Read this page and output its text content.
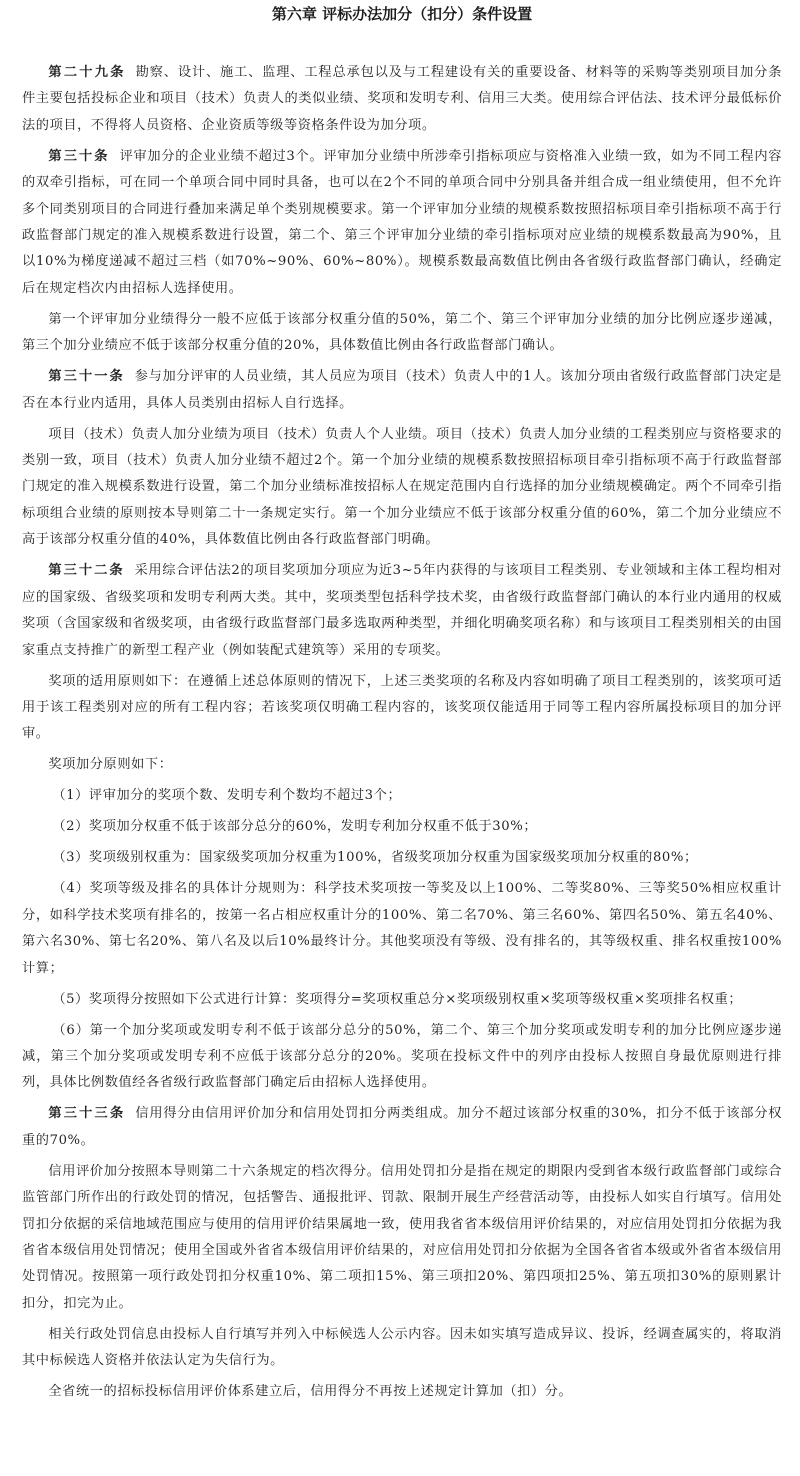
第六章 评标办法加分（扣分）条件设置

第二十九条 勘察、设计、施工、监理、工程总承包以及与工程建设有关的重要设备、材料等的采购等类别项目加分条件主要包括投标企业和项目（技术）负责人的类似业绩、奖项和发明专利、信用三大类。使用综合评估法、技术评分最低标价法的项目，不得将人员资格、企业资质等级等资格条件设为加分项。

第三十条 评审加分的企业业绩不超过3个。评审加分业绩中所涉牵引指标项应与资格准入业绩一致，如为不同工程内容的双牵引指标，可在同一个单项合同中同时具备，也可以在2个不同的单项合同中分别具备并组合成一组业绩使用，但不允许多个同类别项目的合同进行叠加来满足单个类别规模要求。第一个评审加分业绩的规模系数按照招标项目牵引指标项不高于行政监督部门规定的准入规模系数进行设置，第二个、第三个评审加分业绩的牵引指标项对应业绩的规模系数最高为90%，且以10%为梯度递减不超过三档（如70%~90%、60%~80%）。规模系数最高数值比例由各省级行政监督部门确认，经确定后在规定档次内由招标人选择使用。

第一个评审加分业绩得分一般不应低于该部分权重分值的50%，第二个、第三个评审加分业绩的加分比例应逐步递减，第三个加分业绩应不低于该部分权重分值的20%，具体数值比例由各行政监督部门确认。

第三十一条 参与加分评审的人员业绩，其人员应为项目（技术）负责人中的1人。该加分项由省级行政监督部门决定是否在本行业内适用，具体人员类别由招标人自行选择。

项目（技术）负责人加分业绩为项目（技术）负责人个人业绩。项目（技术）负责人加分业绩的工程类别应与资格要求的类别一致，项目（技术）负责人加分业绩不超过2个。第一个加分业绩的规模系数按照招标项目牵引指标项不高于行政监督部门规定的准入规模系数进行设置，第二个加分业绩标准按招标人在规定范围内自行选择的加分业绩规模确定。两个不同牵引指标项组合业绩的原则按本导则第二十一条规定实行。第一个加分业绩应不低于该部分权重分值的60%，第二个加分业绩应不高于该部分权重分值的40%，具体数值比例由各行政监督部门明确。

第三十二条 采用综合评估法2的项目奖项加分项应为近3~5年内获得的与该项目工程类别、专业领域和主体工程均相对应的国家级、省级奖项和发明专利两大类。其中，奖项类型包括科学技术奖，由省级行政监督部门确认的本行业内通用的权威奖项（含国家级和省级奖项，由省级行政监督部门最多选取两种类型，并细化明确奖项名称）和与该项目工程类别相关的由国家重点支持推广的新型工程产业（例如装配式建筑等）采用的专项奖。

奖项的适用原则如下：在遵循上述总体原则的情况下，上述三类奖项的名称及内容如明确了项目工程类别的，该奖项可适用于该工程类别对应的所有工程内容；若该奖项仅明确工程内容的，该奖项仅能适用于同等工程内容所属投标项目的加分评审。

奖项加分原则如下：

（1）评审加分的奖项个数、发明专利个数均不超过3个；

（2）奖项加分权重不低于该部分总分的60%，发明专利加分权重不低于30%；

（3）奖项级别权重为：国家级奖项加分权重为100%，省级奖项加分权重为国家级奖项加分权重的80%；

（4）奖项等级及排名的具体计分规则为：科学技术奖项按一等奖及以上100%、二等奖80%、三等奖50%相应权重计分，如科学技术奖项有排名的，按第一名占相应权重计分的100%、第二名70%、第三名60%、第四名50%、第五名40%、第六名30%、第七名20%、第八名及以后10%最终计分。其他奖项没有等级、没有排名的，其等级权重、排名权重按100%计算；

（5）奖项得分按照如下公式进行计算：奖项得分=奖项权重总分×奖项级别权重×奖项等级权重×奖项排名权重；

（6）第一个加分奖项或发明专利不低于该部分总分的50%，第二个、第三个加分奖项或发明专利的加分比例应逐步递减，第三个加分奖项或发明专利不应低于该部分总分的20%。奖项在投标文件中的列序由投标人按照自身最优原则进行排列，具体比例数值经各省级行政监督部门确定后由招标人选择使用。

第三十三条 信用得分由信用评价加分和信用处罚扣分两类组成。加分不超过该部分权重的30%，扣分不低于该部分权重的70%。

信用评价加分按照本导则第二十六条规定的档次得分。信用处罚扣分是指在规定的期限内受到省本级行政监督部门或综合监管部门所作出的行政处罚的情况，包括警告、通报批评、罚款、限制开展生产经营活动等，由投标人如实自行填写。信用处罚扣分依据的采信地域范围应与使用的信用评价结果属地一致，使用我省省本级信用评价结果的，对应信用处罚扣分依据为我省省本级信用处罚情况；使用全国或外省省本级信用评价结果的，对应信用处罚扣分依据为全国各省省本级或外省省本级信用处罚情况。按照第一项行政处罚扣分权重10%、第二项扣15%、第三项扣20%、第四项扣25%、第五项扣30%的原则累计扣分，扣完为止。

相关行政处罚信息由投标人自行填写并列入中标候选人公示内容。因未如实填写造成异议、投诉，经调查属实的，将取消其中标候选人资格并依法认定为失信行为。

全省统一的招标投标信用评价体系建立后，信用得分不再按上述规定计算加（扣）分。
